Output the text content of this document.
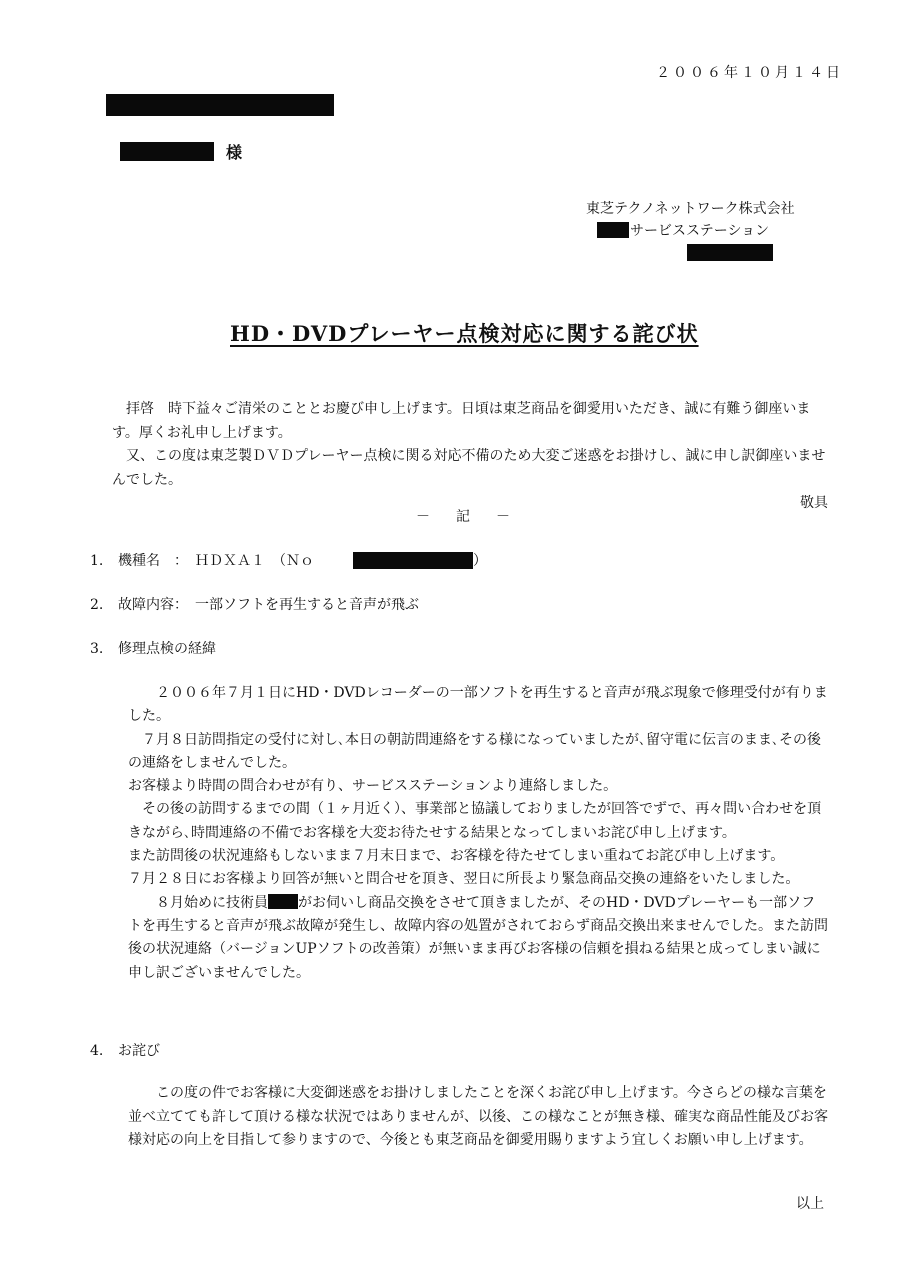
２００６年１０月１４日
様
東芝テクノネットワーク株式会社
サービスステーション
HD・DVDプレーヤー点検対応に関する詫び状

拝啓　時下益々ご清栄のこととお慶び申し上げます。日頃は東芝商品を御愛用いただき、誠に有難う御座います。厚くお礼申し上げます。

又、この度は東芝製ＤＶＤプレーヤー点検に関る対応不備のため大変ご迷惑をお掛けし、誠に申し訳御座いませんでした。

敬具

－　記　－
1. 機種名　：　ＨＤＸＡ１　（Ｎｏ	）
2. 故障内容：　一部ソフトを再生すると音声が飛ぶ
3. 修理点検の経緯

２００６年７月１日にHD・DVDレコーダーの一部ソフトを再生すると音声が飛ぶ現象で修理受付が有りました。

７月８日訪問指定の受付に対し､本日の朝訪問連絡をする様になっていましたが､留守電に伝言のまま､その後の連絡をしませんでした。

お客様より時間の問合わせが有り、サービスステーションより連絡しました。

その後の訪問するまでの間（１ヶ月近く）、事業部と協議しておりましたが回答でずで、再々問い合わせを頂きながら､時間連絡の不備でお客様を大変お待たせする結果となってしまいお詫び申し上げます。

また訪問後の状況連絡もしないまま７月末日まで、お客様を待たせてしまい重ねてお詫び申し上げます。

７月２８日にお客様より回答が無いと問合せを頂き、翌日に所長より緊急商品交換の連絡をいたしました。

８月始めに技術員 がお伺いし商品交換をさせて頂きましたが、そのHD・DVDプレーヤーも一部ソフトを再生すると音声が飛ぶ故障が発生し、故障内容の処置がされておらず商品交換出来ませんでした。また訪問後の状況連絡（バージョンUPソフトの改善策）が無いまま再びお客様の信頼を損ねる結果と成ってしまい誠に申し訳ございませんでした。

4. お詫び

この度の件でお客様に大変御迷惑をお掛けしましたことを深くお詫び申し上げます。今さらどの様な言葉を並べ立てても許して頂ける様な状況ではありませんが、以後、この様なことが無き様、確実な商品性能及びお客様対応の向上を目指して参りますので、今後とも東芝商品を御愛用賜りますよう宜しくお願い申し上げます。

以上
